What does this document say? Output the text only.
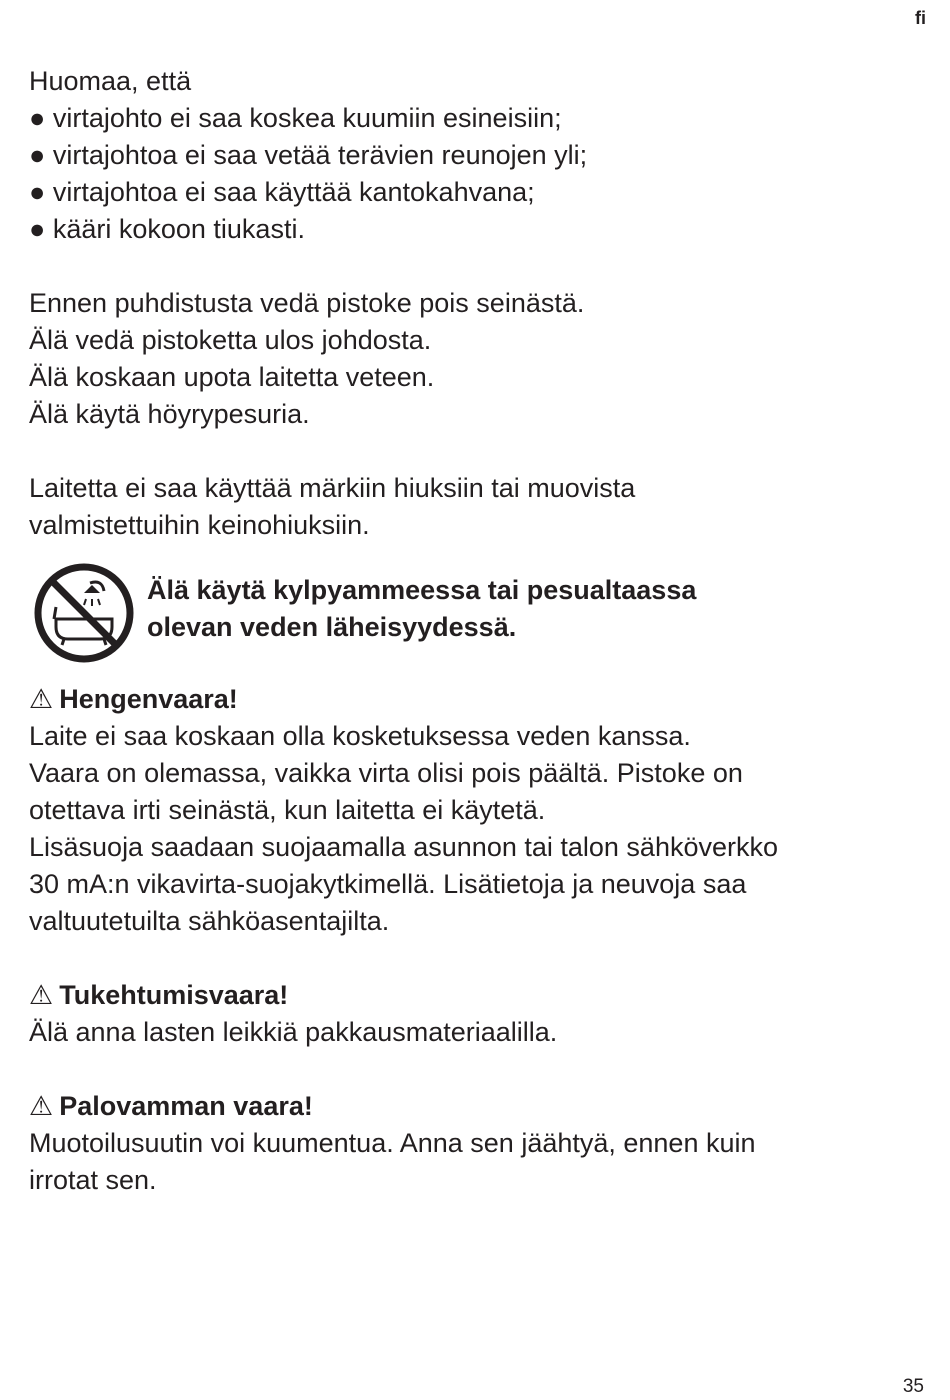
fi
Huomaa, että
● virtajohto ei saa koskea kuumiin esineisiin;
● virtajohtoa ei saa vetää terävien reunojen yli;
● virtajohtoa ei saa käyttää kantokahvana;
● kääri kokoon tiukasti.
Ennen puhdistusta vedä pistoke pois seinästä.
Älä vedä pistoketta ulos johdosta.
Älä koskaan upota laitetta veteen.
Älä käytä höyrypesuria.
Laitetta ei saa käyttää märkiin hiuksiin tai muovista
valmistettuihin keinohiuksiin.
Älä käytä kylpyammeessa tai pesualtaassa
olevan veden läheisyydessä.
⚠ Hengenvaara!
Laite ei saa koskaan olla kosketuksessa veden kanssa.
Vaara on olemassa, vaikka virta olisi pois päältä. Pistoke on
otettava irti seinästä, kun laitetta ei käytetä.
Lisäsuoja saadaan suojaamalla asunnon tai talon sähköverkko
30 mA:n vikavirta-suojakytkimellä. Lisätietoja ja neuvoja saa
valtuutetuilta sähköasentajilta.
⚠ Tukehtumisvaara!
Älä anna lasten leikkiä pakkausmateriaalilla.
⚠ Palovamman vaara!
Muotoilusuutin voi kuumentua. Anna sen jäähtyä, ennen kuin
irrotat sen.
35
